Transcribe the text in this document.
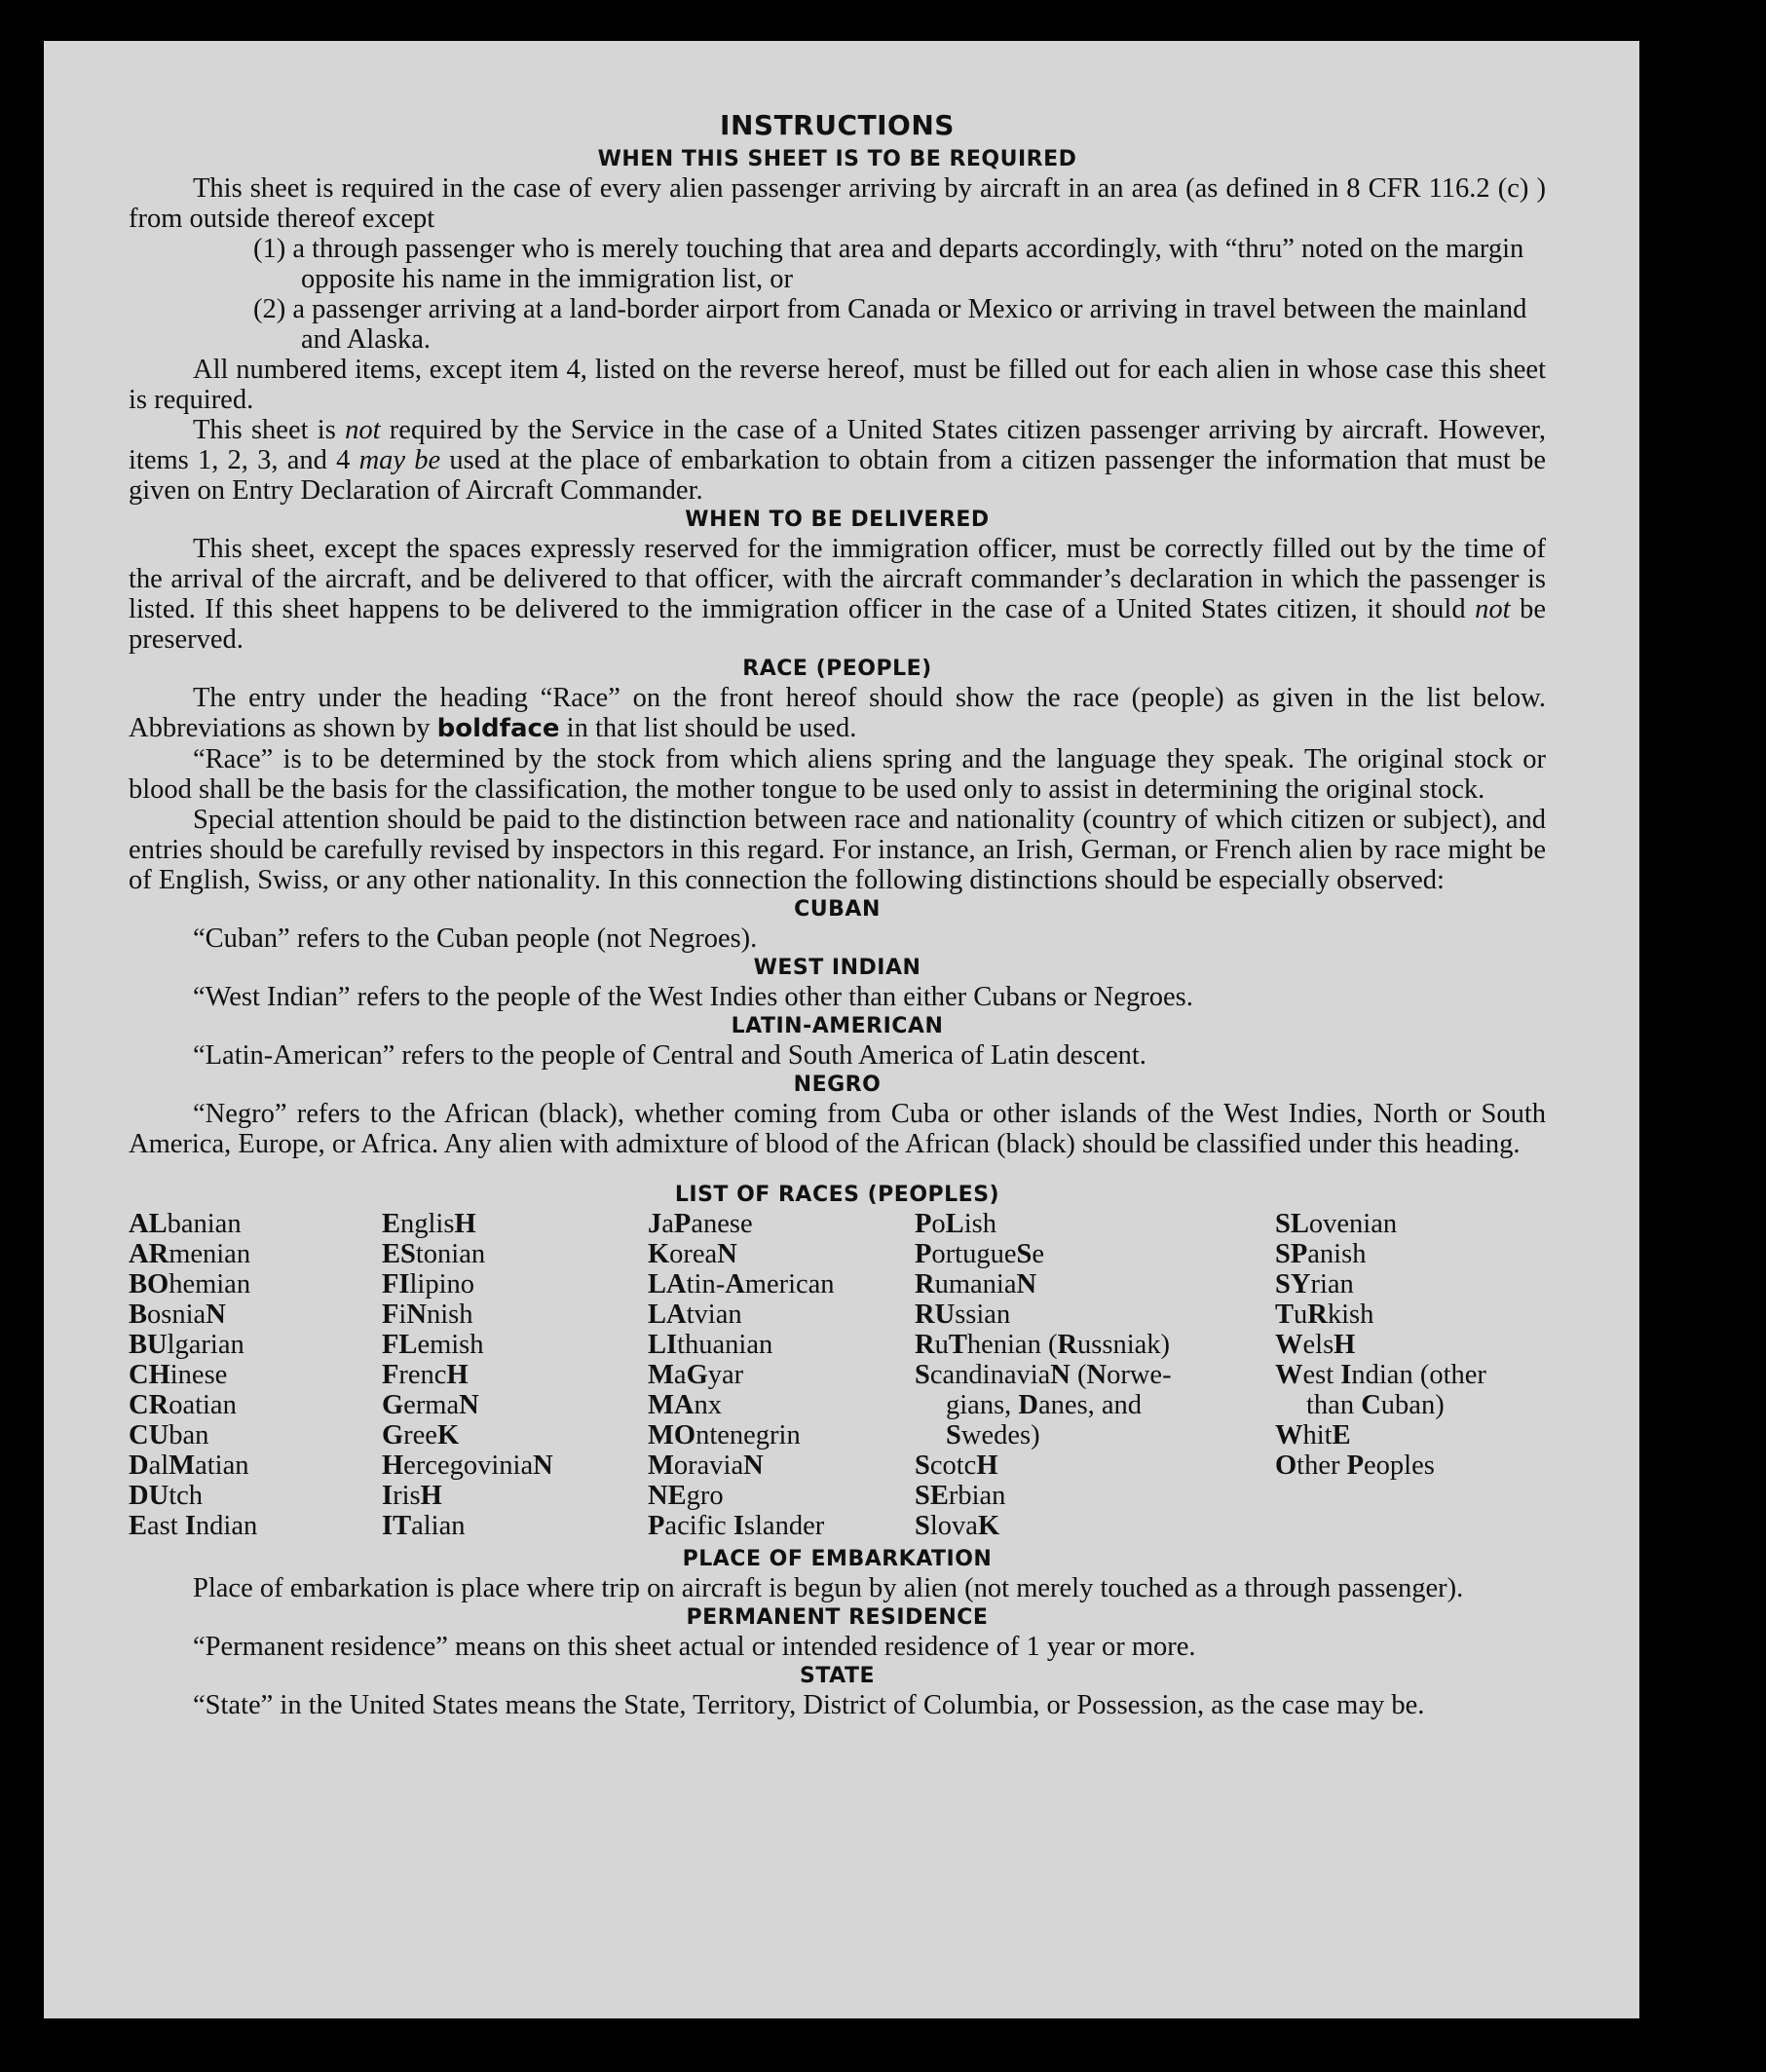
INSTRUCTIONS
WHEN THIS SHEET IS TO BE REQUIRED

This sheet is required in the case of every alien passenger arriving by aircraft in an area (as defined in 8 CFR 116.2 (c) ) from outside thereof except

(1) a through passenger who is merely touching that area and departs accordingly, with “thru” noted on the margin opposite his name in the immigration list, or

(2) a passenger arriving at a land-border airport from Canada or Mexico or arriving in travel between the mainland and Alaska.

All numbered items, except item 4, listed on the reverse hereof, must be filled out for each alien in whose case this sheet is required.

This sheet is not required by the Service in the case of a United States citizen passenger arriving by aircraft. However, items 1, 2, 3, and 4 may be used at the place of embarkation to obtain from a citizen passenger the information that must be given on Entry Declaration of Aircraft Commander.

WHEN TO BE DELIVERED

This sheet, except the spaces expressly reserved for the immigration officer, must be correctly filled out by the time of the arrival of the aircraft, and be delivered to that officer, with the aircraft commander’s declaration in which the passenger is listed. If this sheet happens to be delivered to the immigration officer in the case of a United States citizen, it should not be preserved.

RACE (PEOPLE)

The entry under the heading “Race” on the front hereof should show the race (people) as given in the list below. Abbreviations as shown by boldface in that list should be used.

“Race” is to be determined by the stock from which aliens spring and the language they speak. The original stock or blood shall be the basis for the classification, the mother tongue to be used only to assist in determining the original stock.

Special attention should be paid to the distinction between race and nationality (country of which citizen or subject), and entries should be carefully revised by inspectors in this regard. For instance, an Irish, German, or French alien by race might be of English, Swiss, or any other nationality. In this connection the following distinctions should be especially observed:

CUBAN

“Cuban” refers to the Cuban people (not Negroes).

WEST INDIAN

“West Indian” refers to the people of the West Indies other than either Cubans or Negroes.

LATIN-AMERICAN

“Latin-American” refers to the people of Central and South America of Latin descent.

NEGRO

“Negro” refers to the African (black), whether coming from Cuba or other islands of the West Indies, North or South America, Europe, or Africa. Any alien with admixture of blood of the African (black) should be classified under this heading.

LIST OF RACES (PEOPLES)
ALbanian
ARmenian
BOhemian
BosniaN
BUlgarian
CHinese
CRoatian
CUban
DalMatian
DUtch
East Indian
EnglisH
EStonian
FIlipino
FiNnish
FLemish
FrencH
GermaN
GreeK
HercegoviniaN
IrisH
ITalian
JaPanese
KoreaN
LAtin-American
LAtvian
LIthuanian
MaGyar
MAnx
MOntenegrin
MoraviaN
NEgro
Pacific Islander
PoLish
PortugueSe
RumaniaN
RUssian
RuThenian (Russniak)
ScandinaviaN (Norwe-
gians, Danes, and
Swedes)
ScotcH
SErbian
SlovaK
SLovenian
SPanish
SYrian
TuRkish
WelsH
West Indian (other
than Cuban)
WhitE
Other Peoples
PLACE OF EMBARKATION

Place of embarkation is place where trip on aircraft is begun by alien (not merely touched as a through passenger).

PERMANENT RESIDENCE

“Permanent residence” means on this sheet actual or intended residence of 1 year or more.

STATE

“State” in the United States means the State, Territory, District of Columbia, or Possession, as the case may be.
